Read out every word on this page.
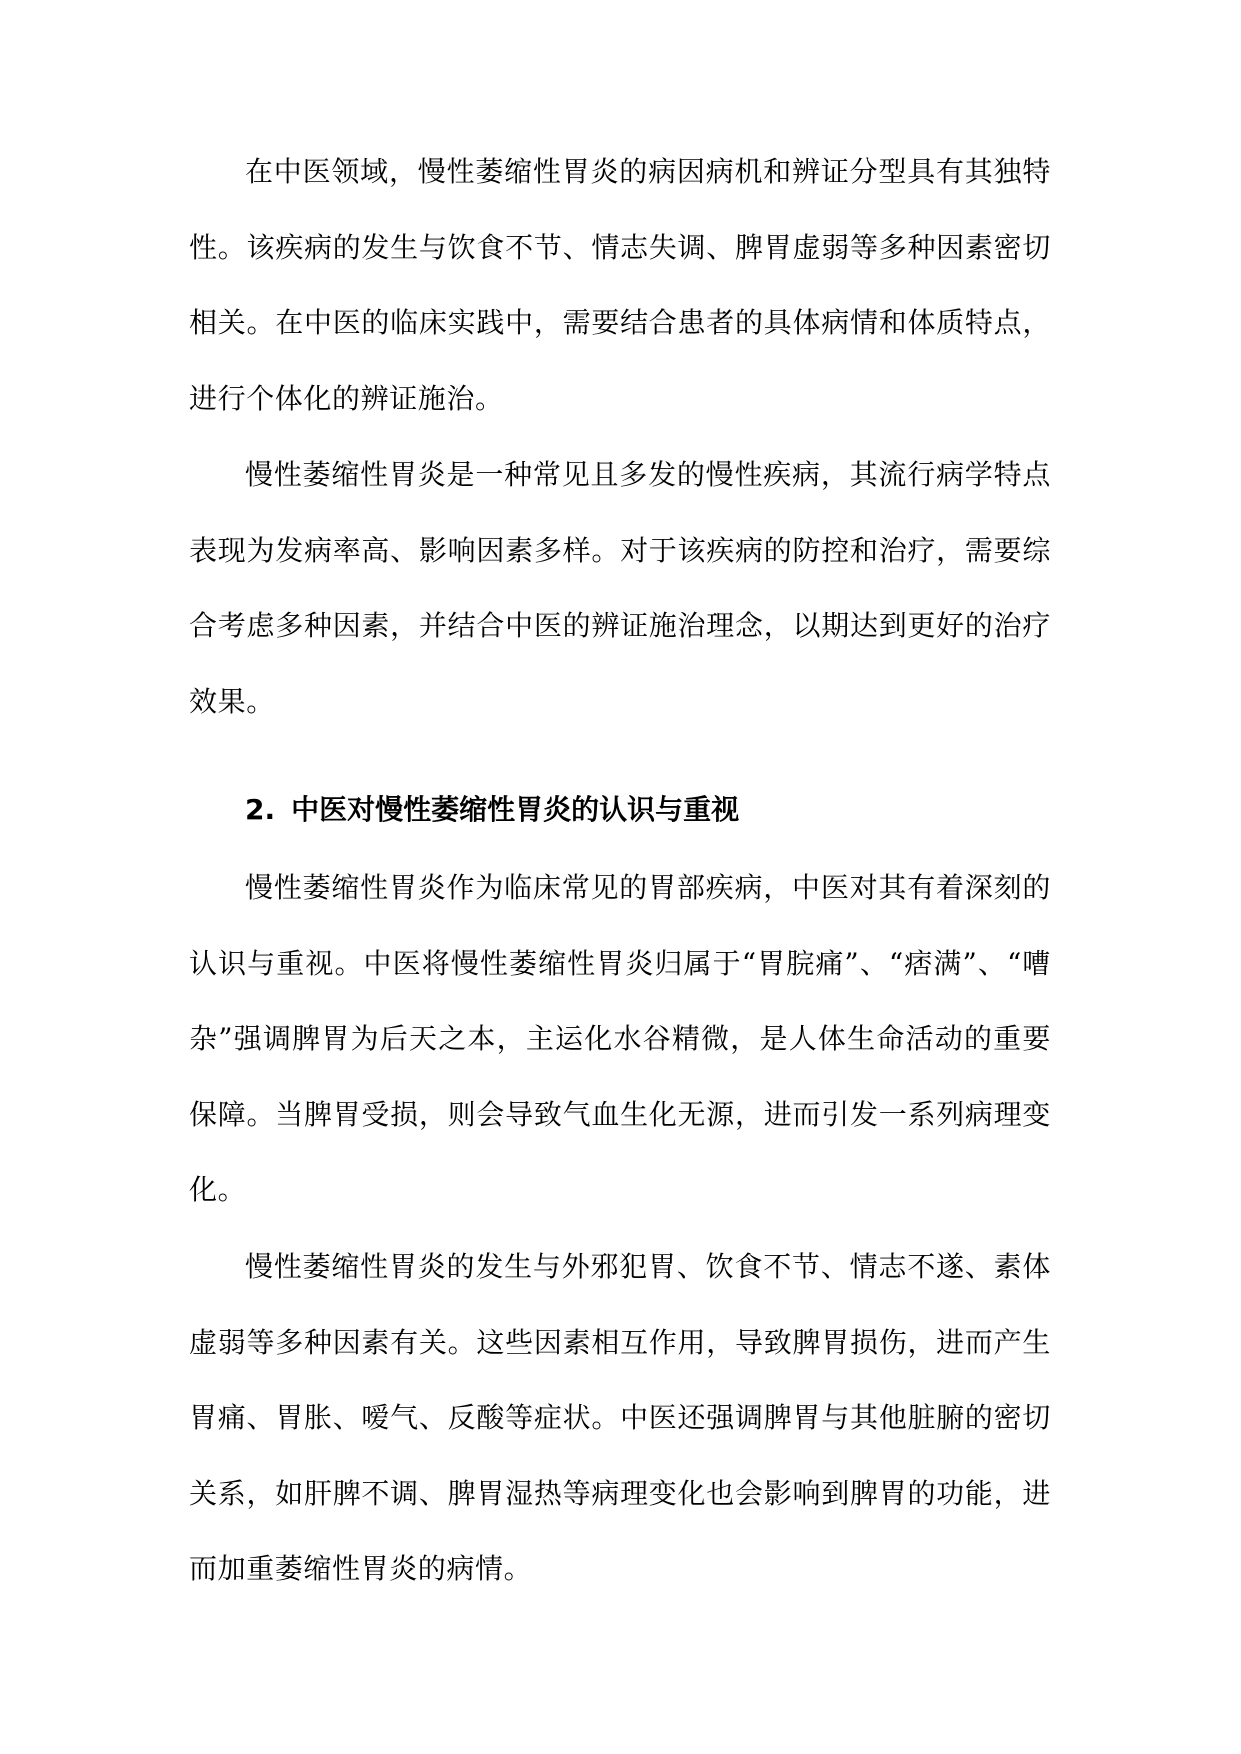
在中医领域，慢性萎缩性胃炎的病因病机和辨证分型具有其独特性。该疾病的发生与饮食不节、情志失调、脾胃虚弱等多种因素密切相关。在中医的临床实践中，需要结合患者的具体病情和体质特点，进行个体化的辨证施治。

慢性萎缩性胃炎是一种常见且多发的慢性疾病，其流行病学特点表现为发病率高、影响因素多样。对于该疾病的防控和治疗，需要综合考虑多种因素，并结合中医的辨证施治理念，以期达到更好的治疗效果。

2. 中医对慢性萎缩性胃炎的认识与重视

慢性萎缩性胃炎作为临床常见的胃部疾病，中医对其有着深刻的认识与重视。中医将慢性萎缩性胃炎归属于“胃脘痛”、“痞满”、“嘈杂”强调脾胃为后天之本，主运化水谷精微，是人体生命活动的重要保障。当脾胃受损，则会导致气血生化无源，进而引发一系列病理变化。

慢性萎缩性胃炎的发生与外邪犯胃、饮食不节、情志不遂、素体虚弱等多种因素有关。这些因素相互作用，导致脾胃损伤，进而产生胃痛、胃胀、嗳气、反酸等症状。中医还强调脾胃与其他脏腑的密切关系，如肝脾不调、脾胃湿热等病理变化也会影响到脾胃的功能，进而加重萎缩性胃炎的病情。
